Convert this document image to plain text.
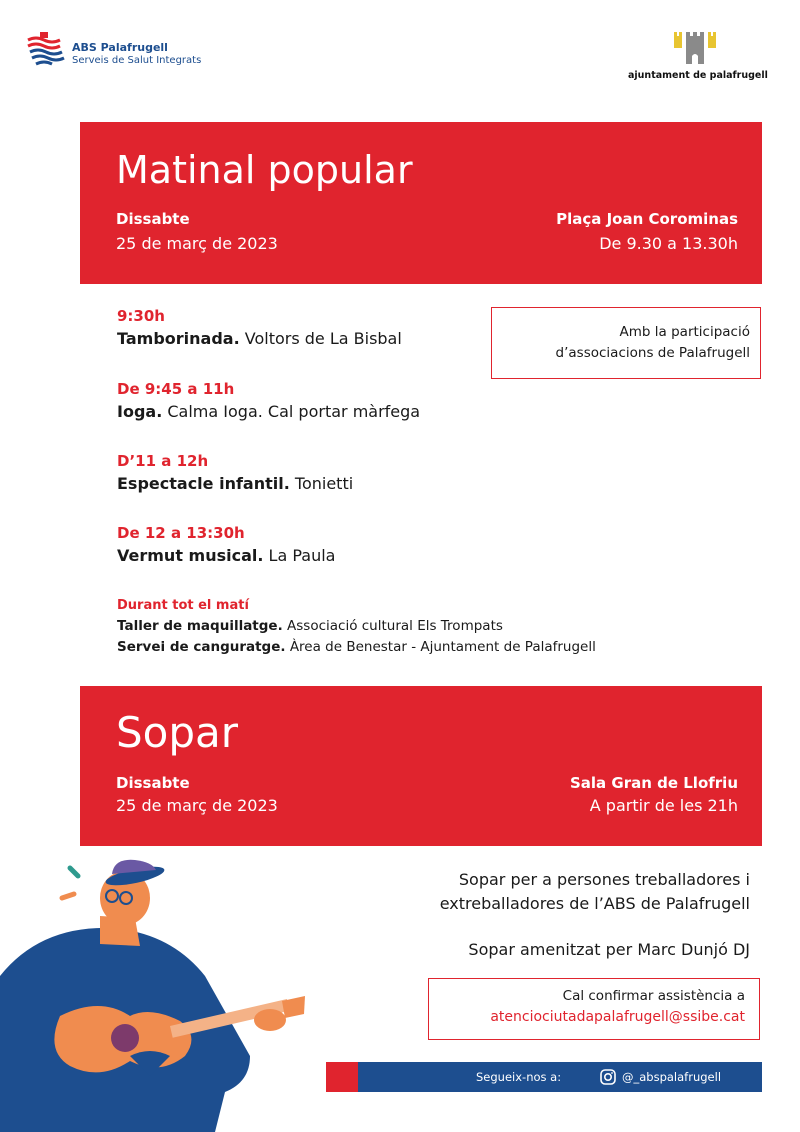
ABS Palafrugell
Serveis de Salut Integrats
ajuntament de palafrugell
Matinal popular
Dissabte
25 de març de 2023
Plaça Joan Corominas
De 9.30 a 13.30h
9:30h
Tamborinada. Voltors de La Bisbal
De 9:45 a 11h
Ioga. Calma Ioga. Cal portar màrfega
D’11 a 12h
Espectacle infantil. Tonietti
De 12 a 13:30h
Vermut musical. La Paula
Durant tot el matí
Taller de maquillatge. Associació cultural Els Trompats
Servei de canguratge. Àrea de Benestar - Ajuntament de Palafrugell
Amb la participació
d’associacions de Palafrugell
Sopar
Dissabte
25 de març de 2023
Sala Gran de Llofriu
A partir de les 21h
Sopar per a persones treballadores i
extreballadores de l’ABS de Palafrugell
Sopar amenitzat per Marc Dunjó DJ
Cal confirmar assistència a
atenciociutadapalafrugell@ssibe.cat
Segueix-nos a:	@_abspalafrugell
